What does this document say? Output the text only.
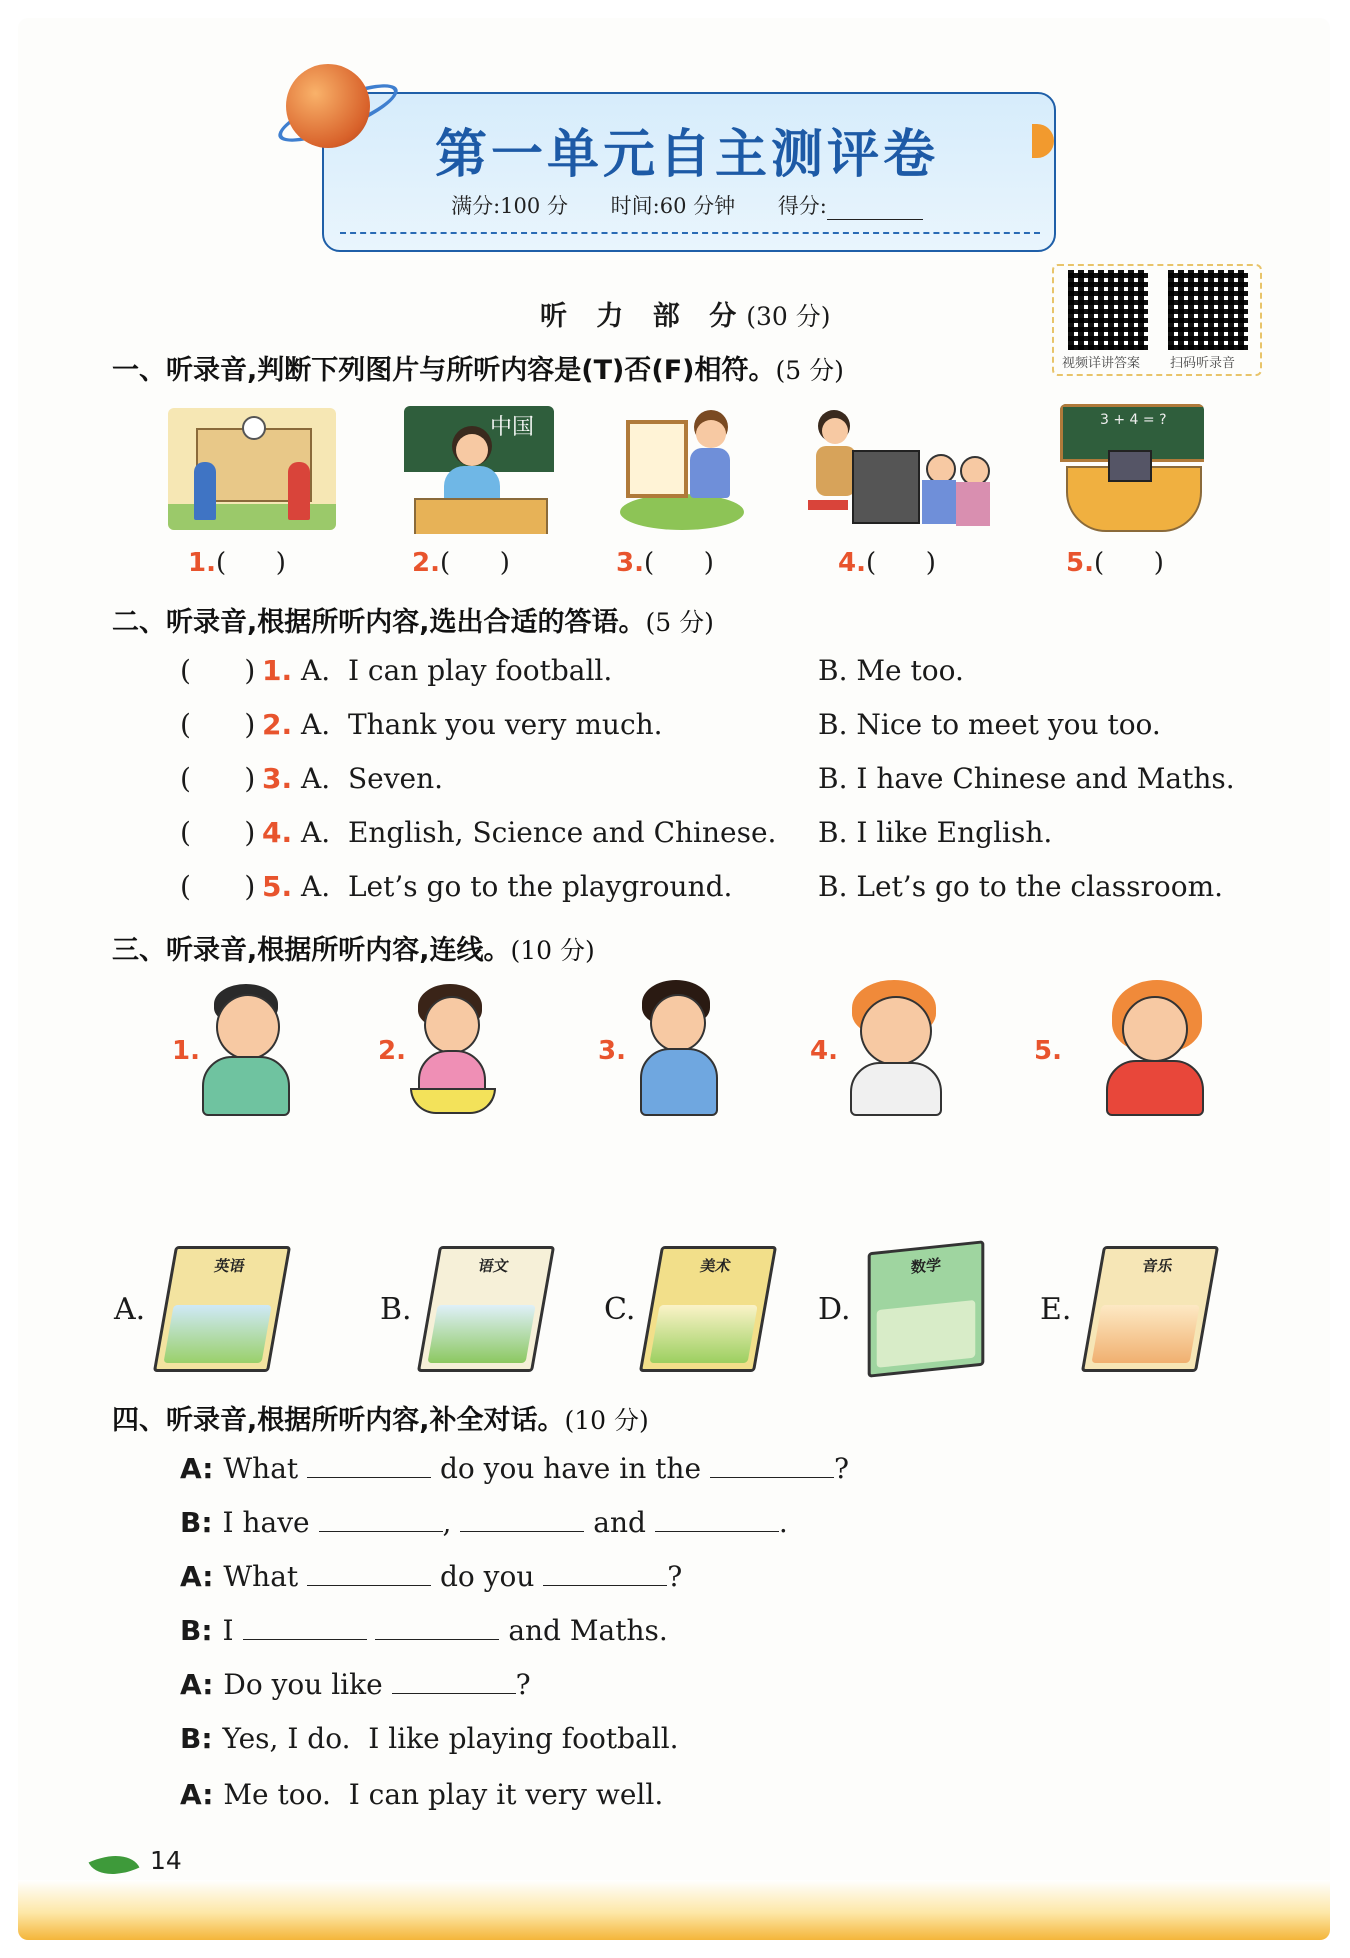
第一单元自主测评卷
满分:100 分 时间:60 分钟 得分:
视频详讲答案 扫码听录音
听 力 部 分(30 分)
一、听录音,判断下列图片与所听内容是(T)否(F)相符。(5 分)
中国	3 + 4 = ?
1.(      )	2.(      )	3.(      )	4.(      )	5.(      )
二、听录音,根据所听内容,选出合适的答语。(5 分)
(      ) 1. A.  I can play football.	B. Me too.
(      ) 2. A.  Thank you very much.	B. Nice to meet you too.
(      ) 3. A.  Seven.	B. I have Chinese and Maths.
(      ) 4. A.  English, Science and Chinese. B. I like English.
(      ) 5. A.  Let’s go to the playground.	B. Let’s go to the classroom.
三、听录音,根据所听内容,连线。(10 分)
1.	2.	3.	4.	5.
A.
英语
B.
语文
C.
美术
D.
数学
E.
音乐
四、听录音,根据所听内容,补全对话。(10 分)
A: What	do you have in the	?
B: I have	,	and	.
A: What	do you	?
B: I	and Maths.
A: Do you like	?
B: Yes, I do.  I like playing football.
A: Me too.  I can play it very well.
14
